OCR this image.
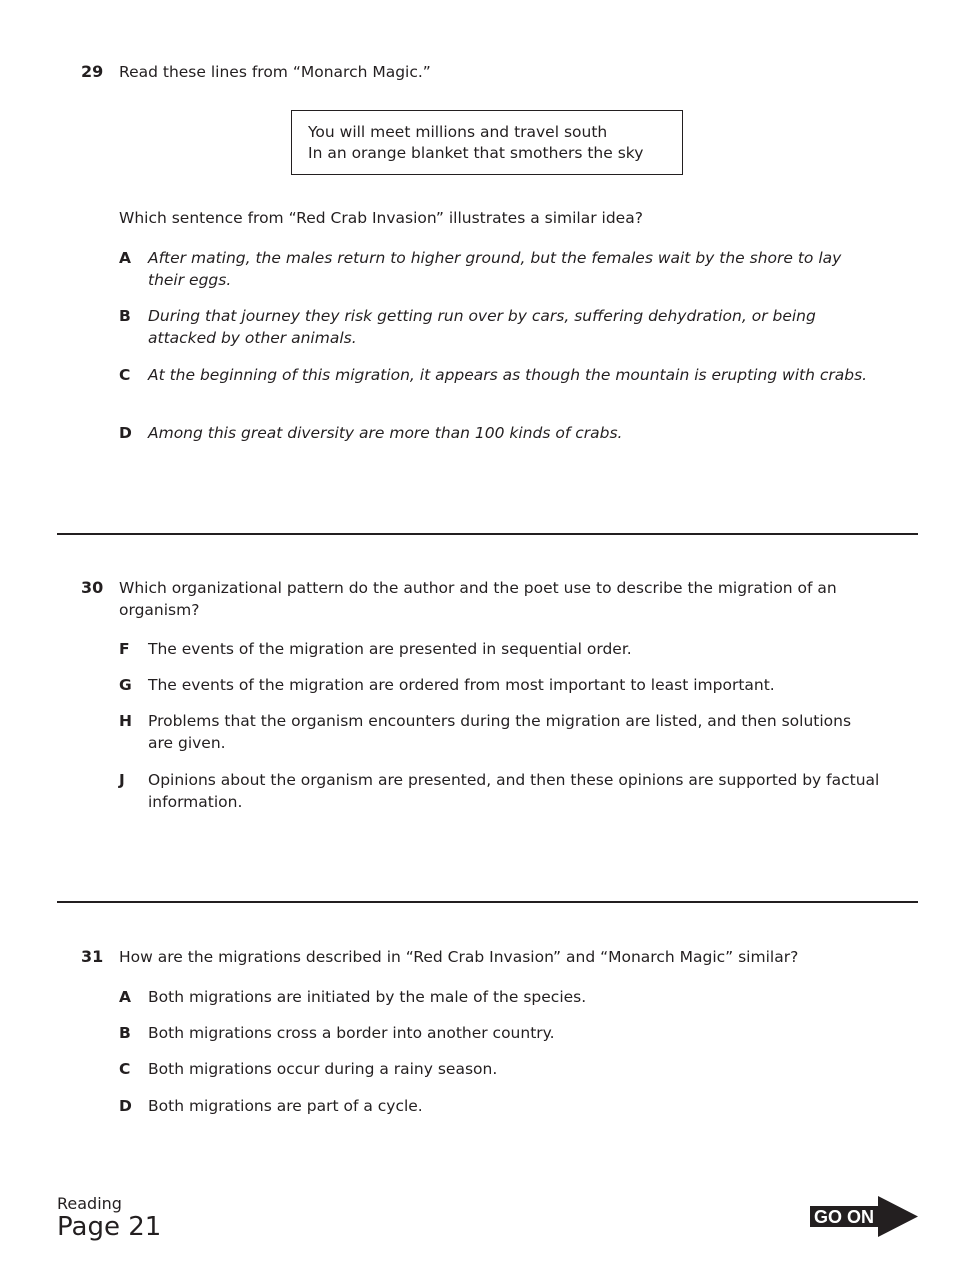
29 Read these lines from “Monarch Magic.”
You will meet millions and travel south
In an orange blanket that smothers the sky
Which sentence from “Red Crab Invasion” illustrates a similar idea?
A After mating, the males return to higher ground, but the females wait by the shore to lay their eggs.
B During that journey they risk getting run over by cars, suffering dehydration, or being attacked by other animals.
C At the beginning of this migration, it appears as though the mountain is erupting with crabs.
D Among this great diversity are more than 100 kinds of crabs.
30 Which organizational pattern do the author and the poet use to describe the migration of an organism?
F The events of the migration are presented in sequential order.
G The events of the migration are ordered from most important to least important.
H Problems that the organism encounters during the migration are listed, and then solutions are given.
J Opinions about the organism are presented, and then these opinions are supported by factual information.
31 How are the migrations described in “Red Crab Invasion” and “Monarch Magic” similar?
A Both migrations are initiated by the male of the species.
B Both migrations cross a border into another country.
C Both migrations occur during a rainy season.
D Both migrations are part of a cycle.
Reading
Page 21	GO ON
